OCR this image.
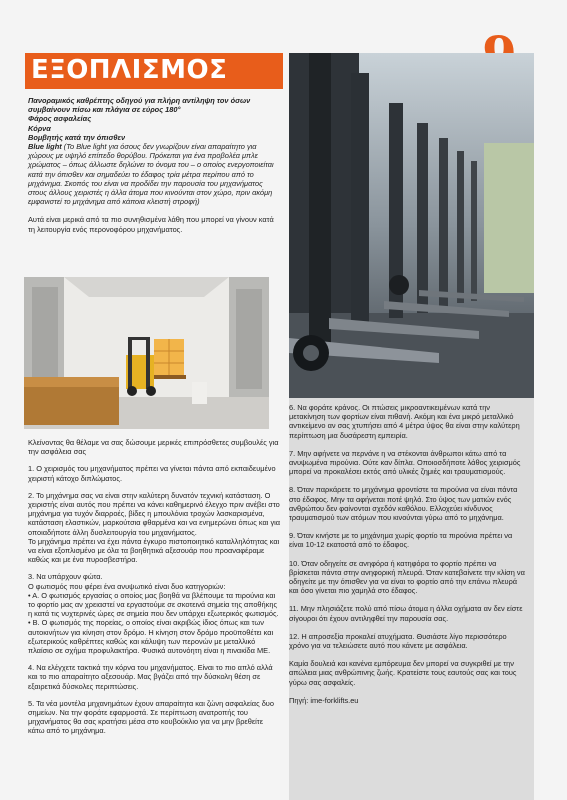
ΕΞΟΠΛΙΣΜΟΣ

Πανοραμικός καθρέπτης οδηγού για πλήρη αντίληψη τον όσων συμβαίνουν πίσω και πλάγια σε εύρος 180°
Φάρος ασφαλείας
Κόρνα
Βομβητής κατά την όπισθεν
Blue light (To Blue light για όσους δεν γνωρίζουν είναι απαραίτητο για χώρους με υψηλό επίπεδο θορύβου. Πρόκειται για ένα προβολέα μπλε χρώματος – όπως άλλωστε δηλώνει το όνομα του – ο οποίος ενεργοποιείται κατά την όπισθεν και σημαδεύει το έδαφος τρία μέτρα περίπου από το μηχάνημα. Σκοπός του είναι να προδίδει την παρουσία του μηχανήματος στους άλλους χειριστές η άλλα άτομα που κινούνται στον χώρο, πριν ακόμη εμφανιστεί το μηχάνημα από κάποια κλειστή στροφή)

Αυτά είναι μερικά από τα πιο συνηθισμένα λάθη που μπορεί να γίνουν κατά τη λειτουργία ενός περονοφόρου μηχανήματος.

Κλείνοντας θα θέλαμε να σας δώσουμε μερικές επιπρόσθετες συμβουλές για την ασφάλεια σας

1. Ο χειρισμός του μηχανήματος πρέπει να γίνεται πάντα από εκπαιδευμένο χειριστή κάτοχο διπλώματος.

2. Το μηχάνημα σας να είναι στην καλύτερη δυνατόν τεχνική κατάσταση. Ο χειριστής είναι αυτός που πρέπει να κάνει καθημερινό έλεγχο πριν ανέβει στο μηχάνημα για τυχόν διαρροές, βίδες η μπουλόνια τροχών λασκαρισμένα, κατάσταση ελαστικών, μαρκούτσια φθαρμένα και να ενημερώνει όπως και για οποιαδήποτε άλλη δυσλειτουργία του μηχανήματος.

Το μηχάνημα πρέπει να έχει πάντα έγκυρο πιστοποιητικό καταλληλότητας και να είναι εξοπλισμένο με όλα τα βοηθητικά αξεσουάρ που προαναφέραμε καθώς και με ένα πυροσβεστήρα.

3. Να υπάρχουν φώτα.

Ο φωτισμός που φέρει ένα ανυψωτικό είναι δυο κατηγοριών:

• Α. Ο φωτισμός εργασίας ο οποίος μας βοηθά να βλέπουμε τα πιρούνια και το φορτίο μας αν χρειαστεί να εργαστούμε σε σκοτεινά σημεία της αποθήκης η κατά τις νυχτερινές ώρες σε σημεία που δεν υπάρχει εξωτερικός φωτισμός.

• Β. Ο φωτισμός της πορείας, ο οποίος είναι ακριβώς ίδιος όπως και των αυτοκινήτων για κίνηση στον δρόμο. Η κίνηση στον δρόμο προϋποθέτει και εξωτερικούς καθρέπτες καθώς και κάλυψη των περονών με μεταλλικό πλαίσιο σε σχήμα προφυλακτήρα. Φυσικά αυτονόητη είναι η πινακίδα ΜΕ.

4. Να ελέγχετε τακτικά την κόρνα του μηχανήματος. Είναι το πιο απλό αλλά και το πιο απαραίτητο αξεσουάρ. Μας βγάζει από την δύσκολη θέση σε εξαιρετικά δύσκολες περιπτώσεις.

5. Τα νέα μοντέλα μηχανημάτων έχουν απαραίτητα και ζώνη ασφαλείας δυο σημείων. Να την φοράτε εφαρμοστά. Σε περίπτωση ανατροπής του μηχανήματος θα σας κρατήσει μέσα στο κουβούκλιο για να μην βρεθείτε κάτω από το μηχάνημα.

6. Να φοράτε κράνος. Οι πτώσεις μικροαντικειμένων κατά την μετακίνηση των φορτίων είναι πιθανή. Ακόμη και ένα μικρό μεταλλικό αντικείμενο αν σας χτυπήσει από 4 μέτρα ύψος θα είναι στην καλύτερη περίπτωση μια δυσάρεστη εμπειρία.

7. Μην αφήνετε να περνάνε η να στέκονται άνθρωποι κάτω από τα ανυψωμένα πιρούνια. Ούτε καν δίπλα. Οποιοσδήποτε λάθος χειρισμός μπορεί να προκαλέσει εκτός από υλικές ζημιές και τραυματισμούς.

8. Όταν παρκάρετε το μηχάνημα φροντίστε τα πιρούνια να είναι πάντα στο έδαφος. Μην τα αφήνεται ποτέ ψηλά. Στο ύψος των ματιών ενός ανθρώπου δεν φαίνονται σχεδόν καθόλου. Ελλοχεύει κίνδυνος τραυματισμού των ατόμων που κινούνται γύρω από το μηχάνημα.

9. Όταν κινήστε με το μηχάνημα χωρίς φορτίο τα πιρούνια πρέπει να είναι 10-12 εκατοστά από το έδαφος.

10. Όταν οδηγείτε σε ανηφόρα ή κατηφόρα το φορτίο πρέπει να βρίσκεται πάντα στην ανηφορική πλευρά. Όταν κατεβαίνετε την κλίση να οδηγείτε με την όπισθεν για να είναι το φορτίο από την επάνω πλευρά και όσο γίνεται πιο χαμηλά στο έδαφος.

11. Μην πλησιάζετε πολύ από πίσω άτομα η άλλα οχήματα αν δεν είστε σίγουροι ότι έχουν αντιληφθεί την παρουσία σας.

12. Η απροσεξία προκαλεί ατυχήματα. Θυσιάστε λίγο περισσότερο χρόνο για να τελειώσετε αυτό που κάνετε με ασφάλεια.

Καμία δουλειά και κανένα εμπόρευμα δεν μπορεί να συγκριθεί με την απώλεια μιας ανθρώπινης ζωής. Κρατείστε τους εαυτούς σας και τους γύρω σας ασφαλείς.

Πηγή: ime-forklifts.eu
